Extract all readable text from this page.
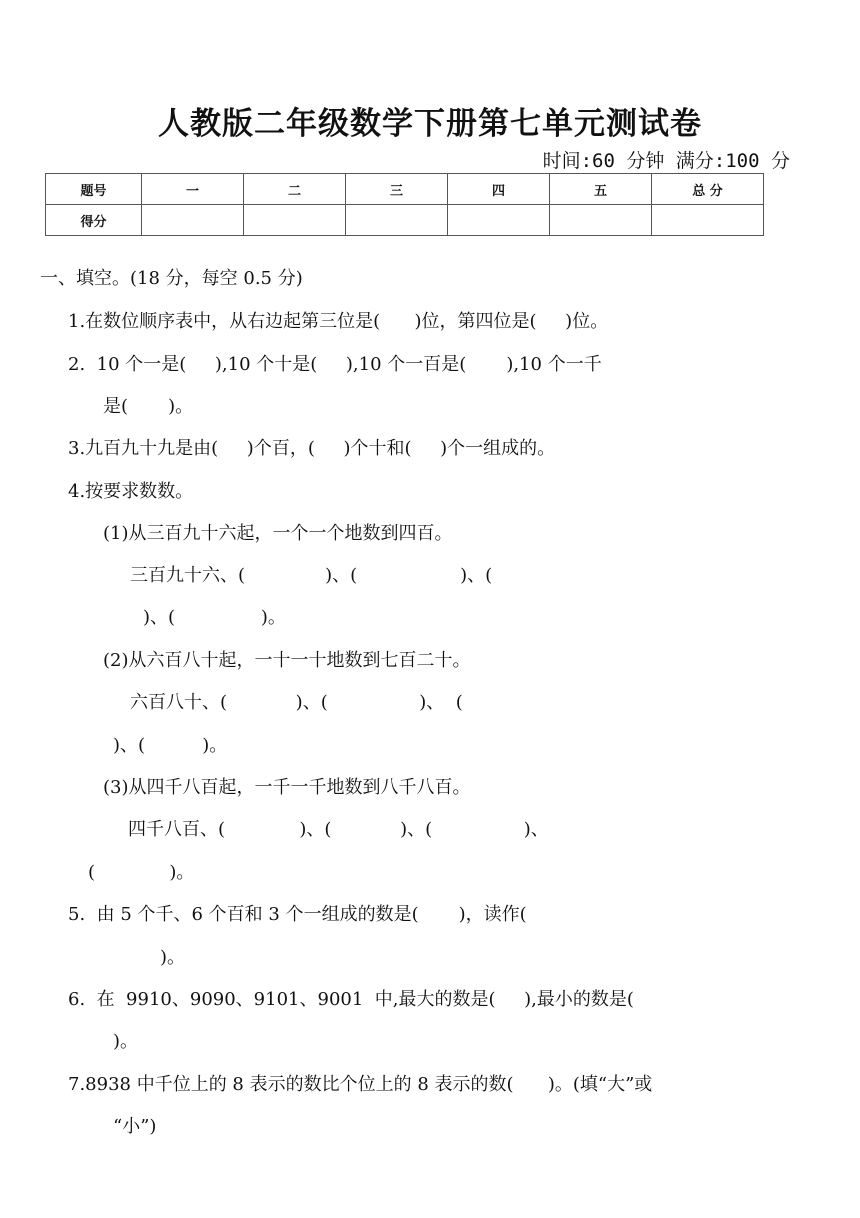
人教版二年级数学下册第七单元测试卷
时间:60 分钟 满分:100 分
题号	一	二	三	四	五	总 分
得分						
一、填空。(18 分，每空 0.5 分)
1.在数位顺序表中，从右边起第三位是(      )位，第四位是(     )位。
2.  10 个一是(     ),10 个十是(     ),10 个一百是(       ),10 个一千
是(       )。
3.九百九十九是由(     )个百，(     )个十和(     )个一组成的。
4.按要求数数。
(1)从三百九十六起，一个一个地数到四百。
三百九十六、(              )、(                  )、(
)、(               )。
(2)从六百八十起，一十一十地数到七百二十。
六百八十、(            )、(                )、  (
)、(          )。
(3)从四千八百起，一千一千地数到八千八百。
四千八百、(             )、(            )、(                )、
(             )。
5.  由 5 个千、6 个百和 3 个一组成的数是(       )，读作(
)。
6.  在  9910、9090、9101、9001  中,最大的数是(     ),最小的数是(
)。
7.8938 中千位上的 8 表示的数比个位上的 8 表示的数(      )。(填“大”或
“小”)
